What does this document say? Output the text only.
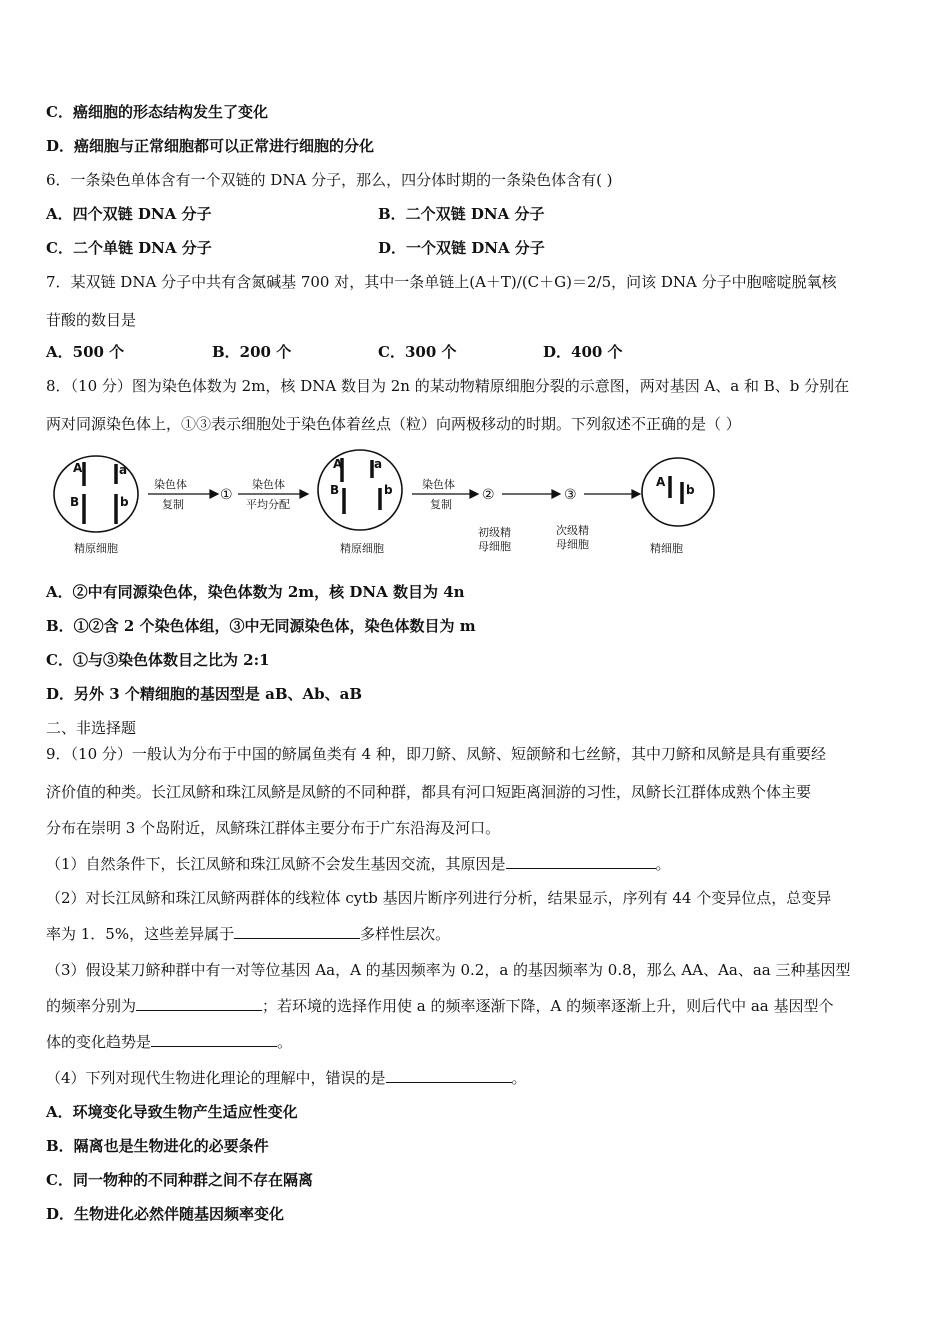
C．癌细胞的形态结构发生了变化
D．癌细胞与正常细胞都可以正常进行细胞的分化
6．一条染色单体含有一个双链的 DNA 分子，那么，四分体时期的一条染色体含有( )
A．四个双链 DNA 分子	B．二个双链 DNA 分子
C．二个单链 DNA 分子	D．一个双链 DNA 分子
7．某双链 DNA 分子中共有含氮碱基 700 对，其中一条单链上(A＋T)/(C＋G)＝2/5，问该 DNA 分子中胞嘧啶脱氧核
苷酸的数目是
A．500 个	B．200 个	C．300 个	D．400 个
8．（10 分）图为染色体数为 2m，核 DNA 数目为 2n 的某动物精原细胞分裂的示意图，两对基因 A、a 和 B、b 分别在
两对同源染色体上，①③表示细胞处于染色体着丝点（粒）向两极移动的时期。下列叙述不正确的是（ ）
A	a
B	b
A	a
B	b
A
b
染色体
复制
①
染色体
平均分配
染色体
复制
②	③
初级精
母细胞
次级精
母细胞
精原细胞	精原细胞	精细胞
A．②中有同源染色体，染色体数为 2m，核 DNA 数目为 4n
B．①②含 2 个染色体组，③中无同源染色体，染色体数目为 m
C．①与③染色体数目之比为 2:1
D．另外 3 个精细胞的基因型是 aB、Ab、aB
二、非选择题
9．（10 分）一般认为分布于中国的鲚属鱼类有 4 种，即刀鲚、凤鲚、短颌鲚和七丝鲚，其中刀鲚和凤鲚是具有重要经
济价值的种类。长江凤鲚和珠江凤鲚是凤鲚的不同种群，都具有河口短距离洄游的习性，凤鲚长江群体成熟个体主要
分布在崇明 3 个岛附近，凤鲚珠江群体主要分布于广东沿海及河口。
（1）自然条件下，长江凤鲚和珠江凤鲚不会发生基因交流，其原因是	。
（2）对长江凤鲚和珠江凤鲚两群体的线粒体 cytb 基因片断序列进行分析，结果显示，序列有 44 个变异位点，总变异
率为 1．5%，这些差异属于	多样性层次。
（3）假设某刀鲚种群中有一对等位基因 Aa，A 的基因频率为 0.2，a 的基因频率为 0.8，那么 AA、Aa、aa 三种基因型
的频率分别为	；若环境的选择作用使 a 的频率逐渐下降，A 的频率逐渐上升，则后代中 aa 基因型个
体的变化趋势是	。
（4）下列对现代生物进化理论的理解中，错误的是	。
A．环境变化导致生物产生适应性变化
B．隔离也是生物进化的必要条件
C．同一物种的不同种群之间不存在隔离
D．生物进化必然伴随基因频率变化
